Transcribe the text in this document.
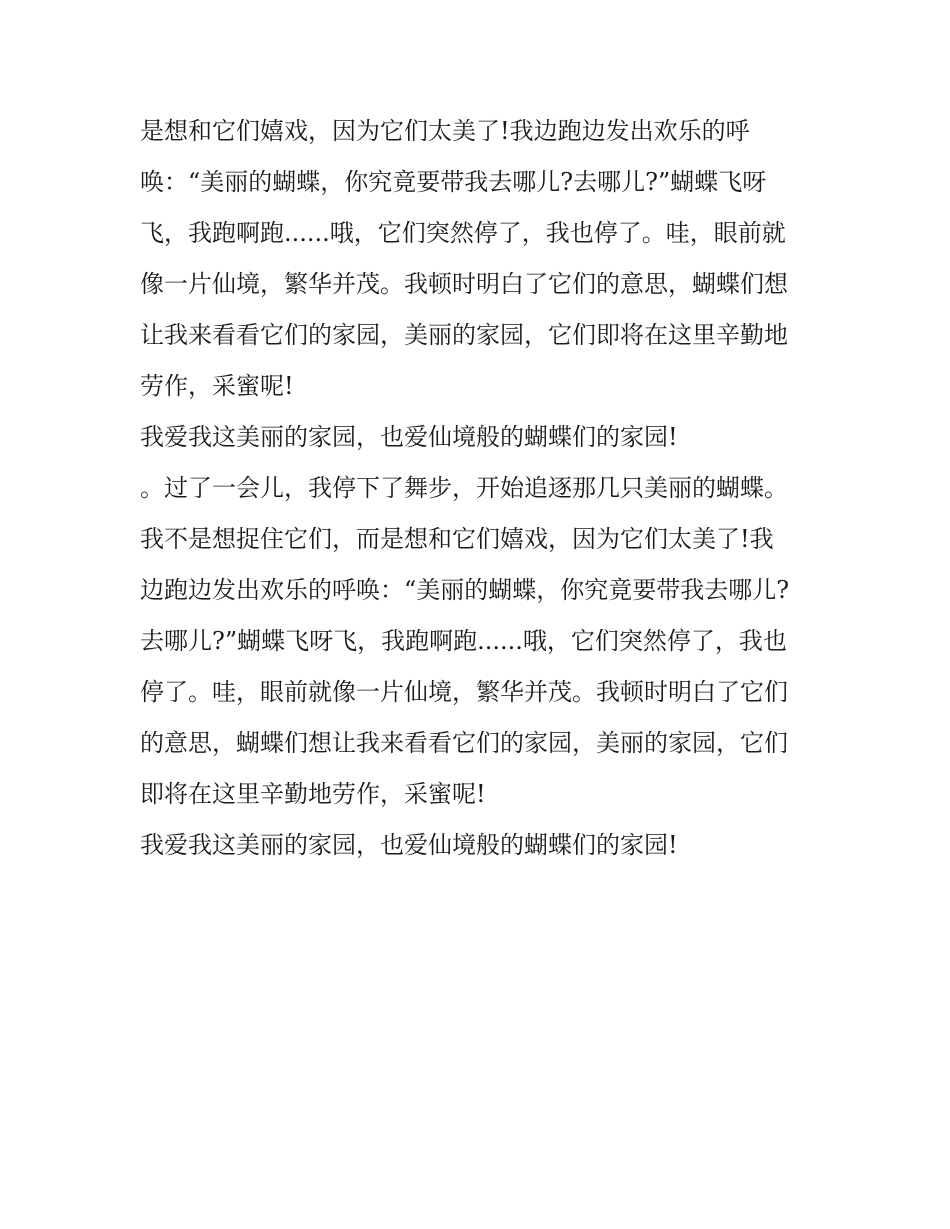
是想和它们嬉戏，因为它们太美了!我边跑边发出欢乐的呼
唤：“美丽的蝴蝶，你究竟要带我去哪儿?去哪儿?”蝴蝶飞呀
飞，我跑啊跑......哦，它们突然停了，我也停了。哇，眼前就
像一片仙境，繁华并茂。我顿时明白了它们的意思，蝴蝶们想
让我来看看它们的家园，美丽的家园，它们即将在这里辛勤地
劳作，采蜜呢!
我爱我这美丽的家园，也爱仙境般的蝴蝶们的家园!
。过了一会儿，我停下了舞步，开始追逐那几只美丽的蝴蝶。
我不是想捉住它们，而是想和它们嬉戏，因为它们太美了!我
边跑边发出欢乐的呼唤：“美丽的蝴蝶，你究竟要带我去哪儿?
去哪儿?”蝴蝶飞呀飞，我跑啊跑......哦，它们突然停了，我也
停了。哇，眼前就像一片仙境，繁华并茂。我顿时明白了它们
的意思，蝴蝶们想让我来看看它们的家园，美丽的家园，它们
即将在这里辛勤地劳作，采蜜呢!
我爱我这美丽的家园，也爱仙境般的蝴蝶们的家园!
